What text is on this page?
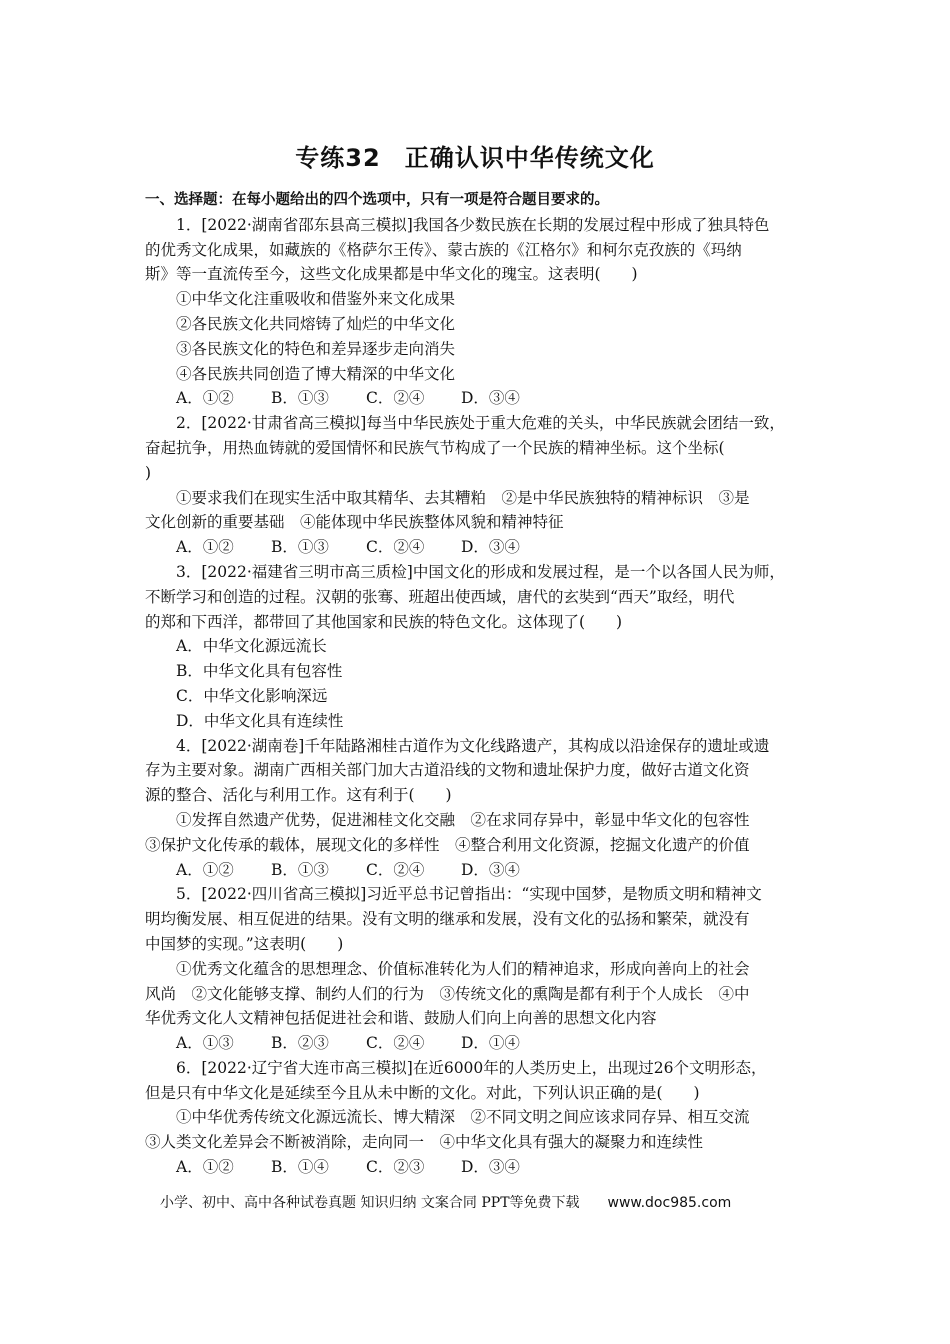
专练32 正确认识中华传统文化
一、选择题：在每小题给出的四个选项中，只有一项是符合题目要求的。
1．[2022·湖南省邵东县高三模拟]我国各少数民族在长期的发展过程中形成了独具特色
的优秀文化成果，如藏族的《格萨尔王传》、蒙古族的《江格尔》和柯尔克孜族的《玛纳
斯》等一直流传至今，这些文化成果都是中华文化的瑰宝。这表明(　　)
①中华文化注重吸收和借鉴外来文化成果
②各民族文化共同熔铸了灿烂的中华文化
③各民族文化的特色和差异逐步走向消失
④各民族共同创造了博大精深的中华文化
A．①②	B．①③	C．②④	D．③④
2．[2022·甘肃省高三模拟]每当中华民族处于重大危难的关头，中华民族就会团结一致，
奋起抗争，用热血铸就的爱国情怀和民族气节构成了一个民族的精神坐标。这个坐标(
)
①要求我们在现实生活中取其精华、去其糟粕　②是中华民族独特的精神标识　③是
文化创新的重要基础　④能体现中华民族整体风貌和精神特征
A．①②	B．①③	C．②④	D．③④
3．[2022·福建省三明市高三质检]中国文化的形成和发展过程，是一个以各国人民为师，
不断学习和创造的过程。汉朝的张骞、班超出使西域，唐代的玄奘到“西天”取经，明代
的郑和下西洋，都带回了其他国家和民族的特色文化。这体现了(　　)
A．中华文化源远流长
B．中华文化具有包容性
C．中华文化影响深远
D．中华文化具有连续性
4．[2022·湖南卷]千年陆路湘桂古道作为文化线路遗产，其构成以沿途保存的遗址或遗
存为主要对象。湖南广西相关部门加大古道沿线的文物和遗址保护力度，做好古道文化资
源的整合、活化与利用工作。这有利于(　　)
①发挥自然遗产优势，促进湘桂文化交融　②在求同存异中，彰显中华文化的包容性
③保护文化传承的载体，展现文化的多样性　④整合利用文化资源，挖掘文化遗产的价值
A．①②	B．①③	C．②④	D．③④
5．[2022·四川省高三模拟]习近平总书记曾指出：“实现中国梦，是物质文明和精神文
明均衡发展、相互促进的结果。没有文明的继承和发展，没有文化的弘扬和繁荣，就没有
中国梦的实现。”这表明(　　)
①优秀文化蕴含的思想理念、价值标准转化为人们的精神追求，形成向善向上的社会
风尚　②文化能够支撑、制约人们的行为　③传统文化的熏陶是都有利于个人成长　④中
华优秀文化人文精神包括促进社会和谐、鼓励人们向上向善的思想文化内容
A．①③	B．②③	C．②④	D．①④
6．[2022·辽宁省大连市高三模拟]在近6000年的人类历史上，出现过26个文明形态，
但是只有中华文化是延续至今且从未中断的文化。对此，下列认识正确的是(　　)
①中华优秀传统文化源远流长、博大精深　②不同文明之间应该求同存异、相互交流
③人类文化差异会不断被消除，走向同一　④中华文化具有强大的凝聚力和连续性
A．①②	B．①④	C．②③	D．③④
小学、初中、高中各种试卷真题 知识归纳 文案合同 PPT等免费下载 www.doc985.com
